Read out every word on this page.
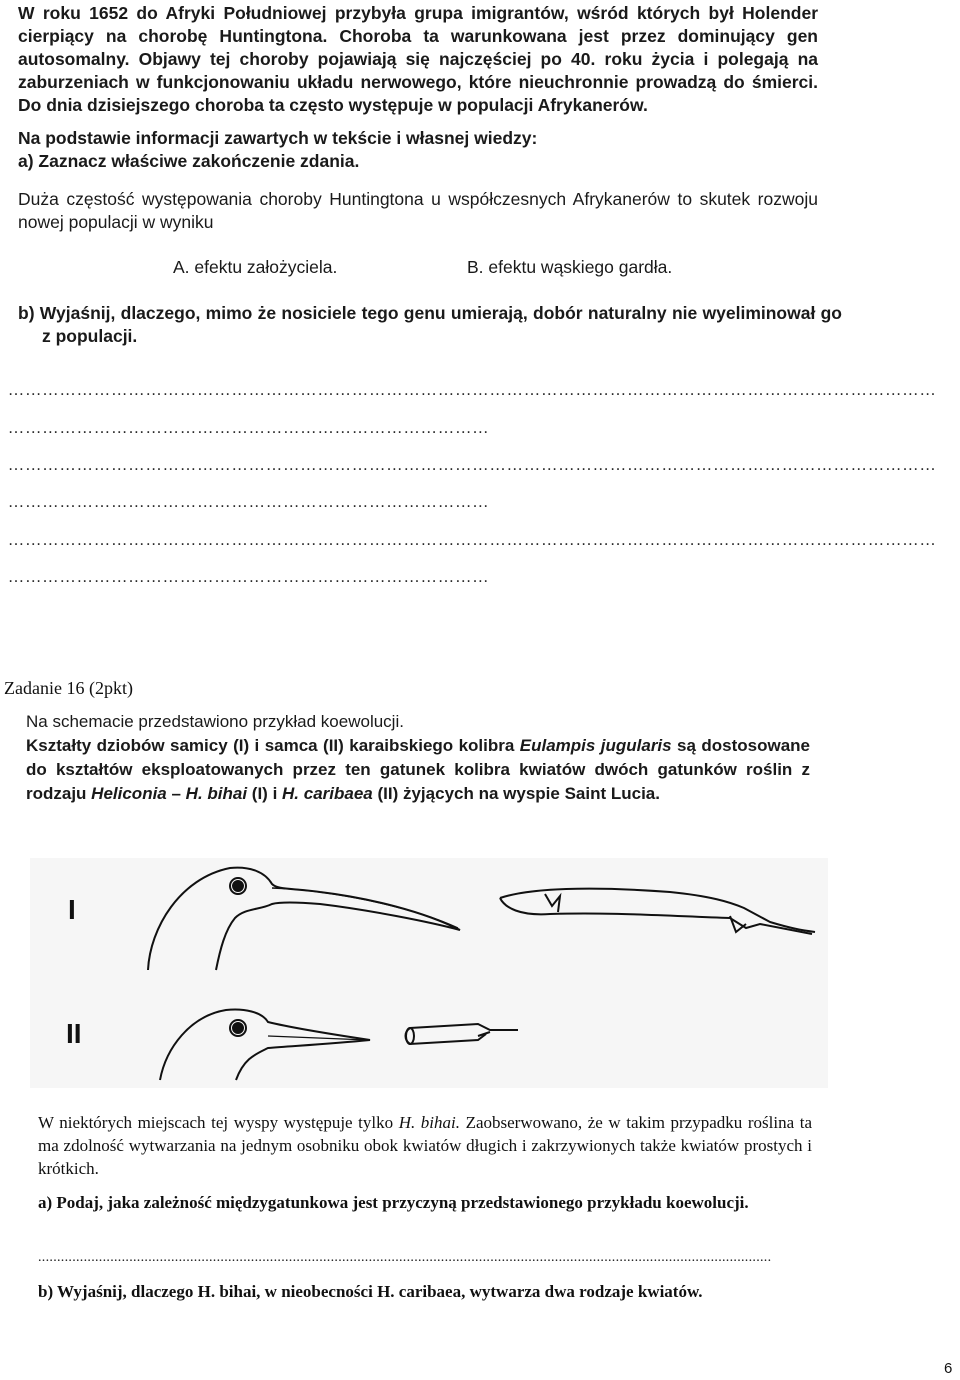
W roku 1652 do Afryki Południowej przybyła grupa imigrantów, wśród których był Holender cierpiący na chorobę Huntingtona. Choroba ta warunkowana jest przez dominujący gen autosomalny. Objawy tej choroby pojawiają się najczęściej po 40. roku życia i polegają na zaburzeniach w funkcjonowaniu układu nerwowego, które nieuchronnie prowadzą do śmierci. Do dnia dzisiejszego choroba ta często występuje w populacji Afrykanerów.
Na podstawie informacji zawartych w tekście i własnej wiedzy:
a) Zaznacz właściwe zakończenie zdania.
Duża częstość występowania choroby Huntingtona u współczesnych Afrykanerów to skutek rozwoju nowej populacji w wyniku
A. efektu założyciela.	B. efektu wąskiego gardła.
b) Wyjaśnij, dlaczego, mimo że nosiciele tego genu umierają, dobór naturalny nie wyeliminował go z populacji.
………………………………………………………………………………………………………………………………………………
…………………………………………………………………………
………………………………………………………………………………………………………………………………………………
…………………………………………………………………………
………………………………………………………………………………………………………………………………………………
…………………………………………………………………………
Zadanie 16 (2pkt)
Na schemacie przedstawiono przykład koewolucji.
Kształty dziobów samicy (I) i samca (II) karaibskiego kolibra Eulampis jugularis są dostosowane do kształtów eksploatowanych przez ten gatunek kolibra kwiatów dwóch gatunków roślin z rodzaju Heliconia – H. bihai (I) i H. caribaea (II) żyjących na wyspie Saint Lucia.
I
II
W niektórych miejscach tej wyspy występuje tylko H. bihai. Zaobserwowano, że w takim przypadku roślina ta ma zdolność wytwarzania na jednym osobniku obok kwiatów długich i zakrzywionych także kwiatów prostych i krótkich.
a) Podaj, jaka zależność międzygatunkowa jest przyczyną przedstawionego przykładu koewolucji.
.................................................................................................................................................................................................
b) Wyjaśnij, dlaczego H. bihai, w nieobecności H. caribaea, wytwarza dwa rodzaje kwiatów.
6
